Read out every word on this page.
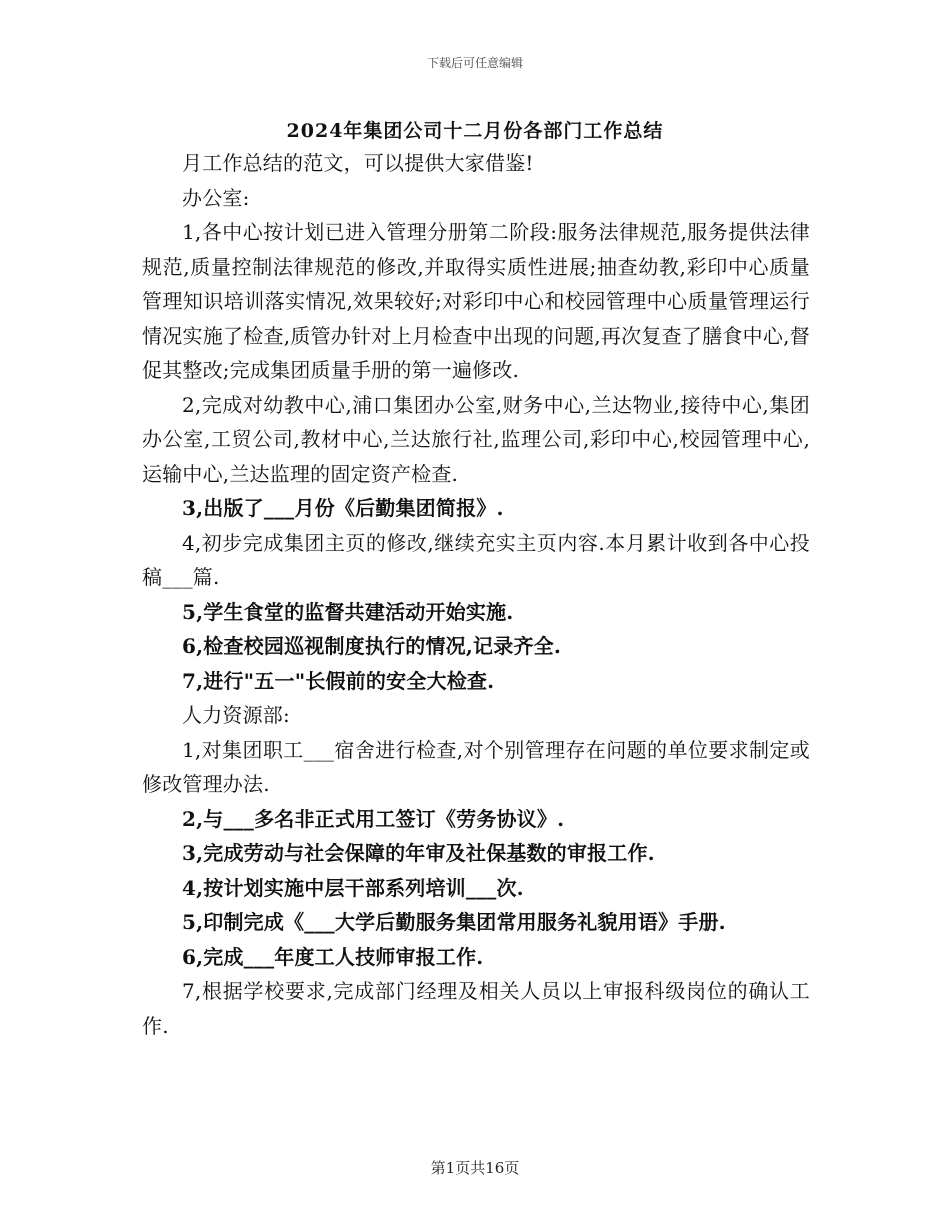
下载后可任意编辑
2024年集团公司十二月份各部门工作总结

月工作总结的范文，可以提供大家借鉴!

办公室:

1,各中心按计划已进入管理分册第二阶段:服务法律规范,服务提供法律规范,质量控制法律规范的修改,并取得实质性进展;抽查幼教,彩印中心质量管理知识培训落实情况,效果较好;对彩印中心和校园管理中心质量管理运行情况实施了检查,质管办针对上月检查中出现的问题,再次复查了膳食中心,督促其整改;完成集团质量手册的第一遍修改.

2,完成对幼教中心,浦口集团办公室,财务中心,兰达物业,接待中心,集团办公室,工贸公司,教材中心,兰达旅行社,监理公司,彩印中心,校园管理中心,运输中心,兰达监理的固定资产检查.

3,出版了___月份《后勤集团简报》.

4,初步完成集团主页的修改,继续充实主页内容.本月累计收到各中心投稿___篇.

5,学生食堂的监督共建活动开始实施.

6,检查校园巡视制度执行的情况,记录齐全.

7,进行"五一"长假前的安全大检查.

人力资源部:

1,对集团职工___宿舍进行检查,对个别管理存在问题的单位要求制定或修改管理办法.

2,与___多名非正式用工签订《劳务协议》.

3,完成劳动与社会保障的年审及社保基数的审报工作.

4,按计划实施中层干部系列培训___次.

5,印制完成《___大学后勤服务集团常用服务礼貌用语》手册.

6,完成___年度工人技师审报工作.

7,根据学校要求,完成部门经理及相关人员以上审报科级岗位的确认工作.

第1页共16页
